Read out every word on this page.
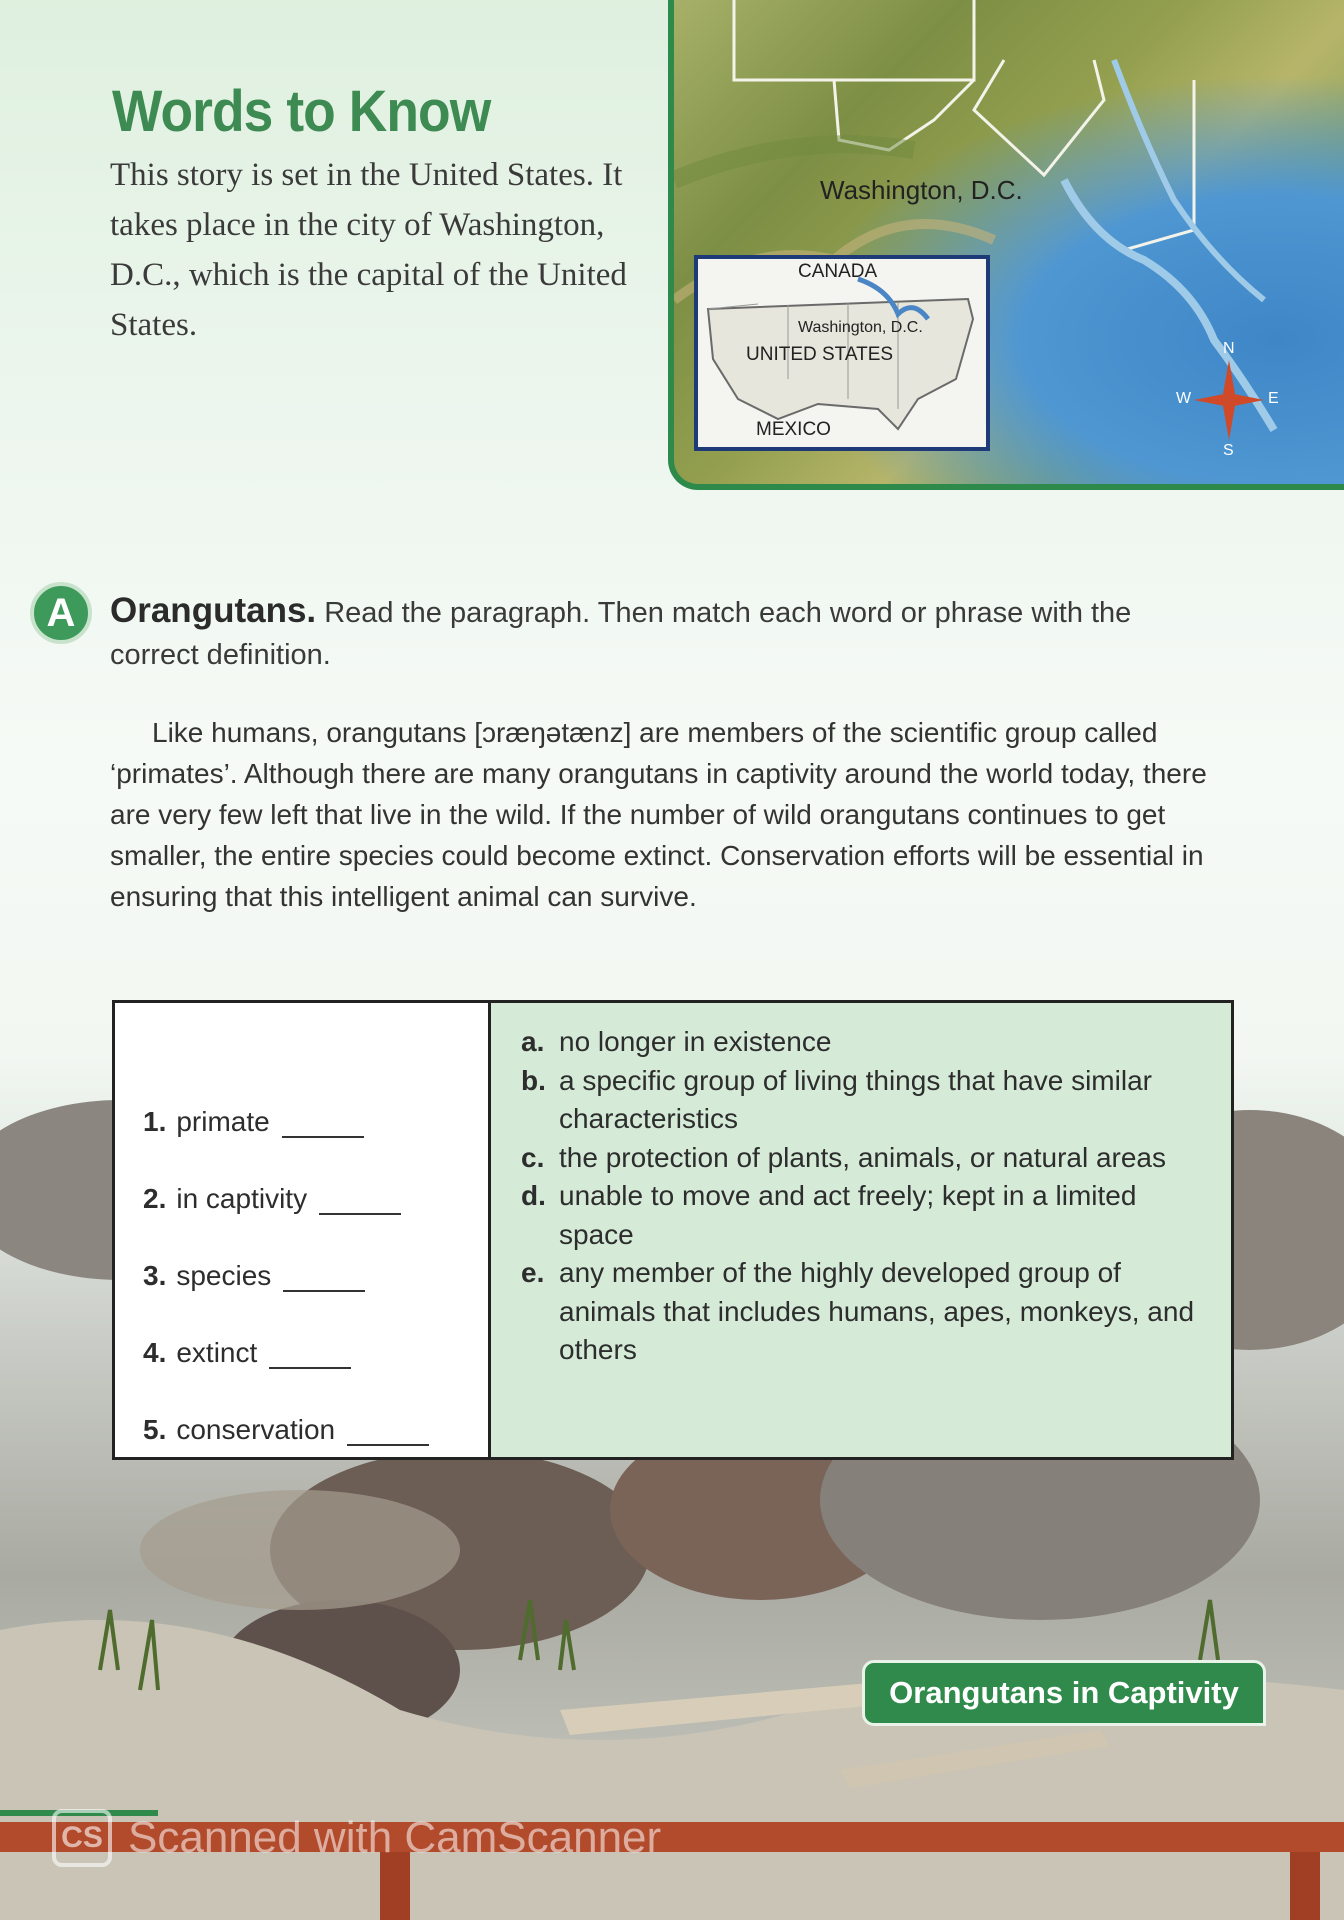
Words to Know

This story is set in the United States. It takes place in the city of Washington, D.C., which is the capital of the United States.

Washington, D.C.
CANADA
Washington, D.C.
UNITED STATES
MEXICO
N
S
E
W
A Orangutans. Read the paragraph. Then match each word or phrase with the correct definition.

Like humans, orangutans [ɔræŋətænz] are members of the scientific group called ‘primates’. Although there are many orangutans in captivity around the world today, there are very few left that live in the wild. If the number of wild orangutans continues to get smaller, the entire species could become extinct. Conservation efforts will be essential in ensuring that this intelligent animal can survive.

1. primate
2. in captivity
3. species
4. extinct
5. conservation
a. no longer in existence
b. a specific group of living things that have similar characteristics
c. the protection of plants, animals, or natural areas
d. unable to move and act freely; kept in a limited space
e. any member of the highly developed group of animals that includes humans, apes, monkeys, and others
Orangutans in Captivity
CS Scanned with CamScanner
